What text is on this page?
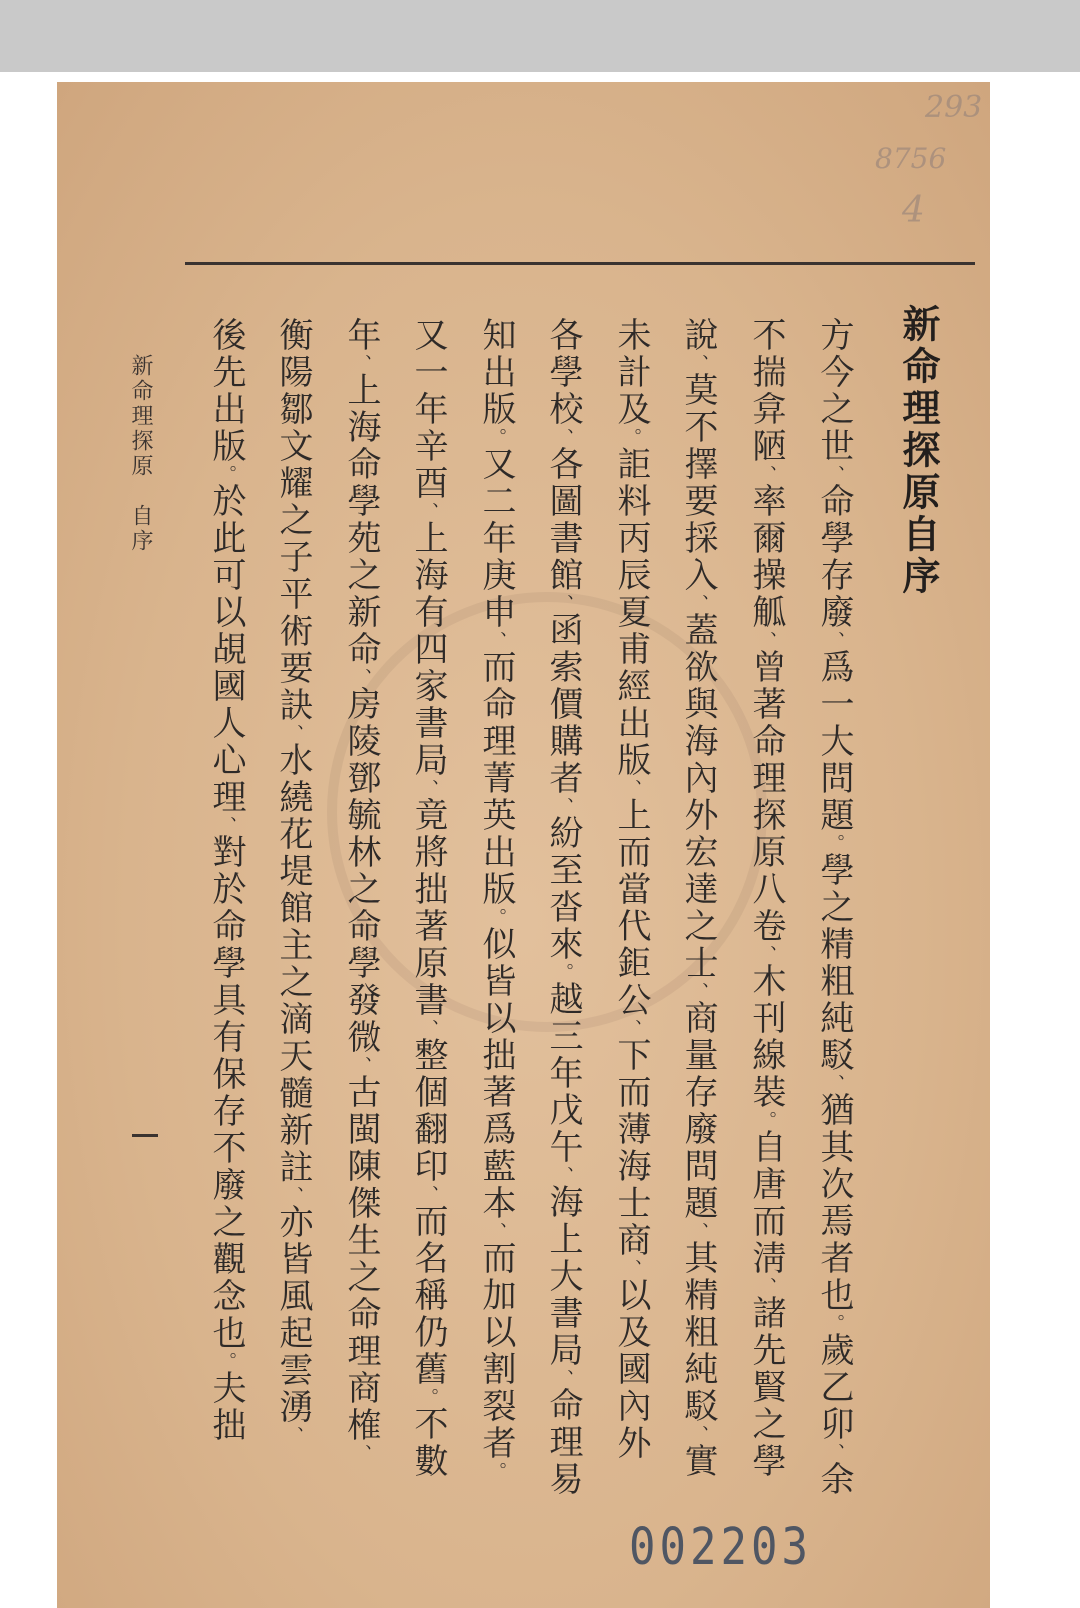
293
8756
4
新命理探原自序
方今之世、命學存廢、爲一大問題。學之精粗純駁、猶其次焉者也。歲乙卯、余
不揣弇陋、率爾操觚、曾著命理探原八卷、木刊線裝。自唐而淸、諸先賢之學
說、莫不擇要採入、蓋欲與海內外宏達之士、商量存廢問題、其精粗純駁、實
未計及。詎料丙辰夏甫經出版、上而當代鉅公、下而薄海士商、以及國內外
各學校、各圖書館、函索價購者、紛至沓來。越三年戊午、海上大書局、命理易
知出版。又二年庚申、而命理菁英出版。似皆以拙著爲藍本、而加以割裂者。
又一年辛酉、上海有四家書局、竟將拙著原書、整個翻印、而名稱仍舊。不數
年、上海命學苑之新命、房陵鄧毓林之命學發微、古閩陳傑生之命理商榷、
衡陽鄒文耀之子平術要訣、水繞花堤館主之滴天髓新註、亦皆風起雲湧、
後先出版。於此可以覘國人心理、對於命學具有保存不廢之觀念也。夫拙
新命理探原　自序
002203
